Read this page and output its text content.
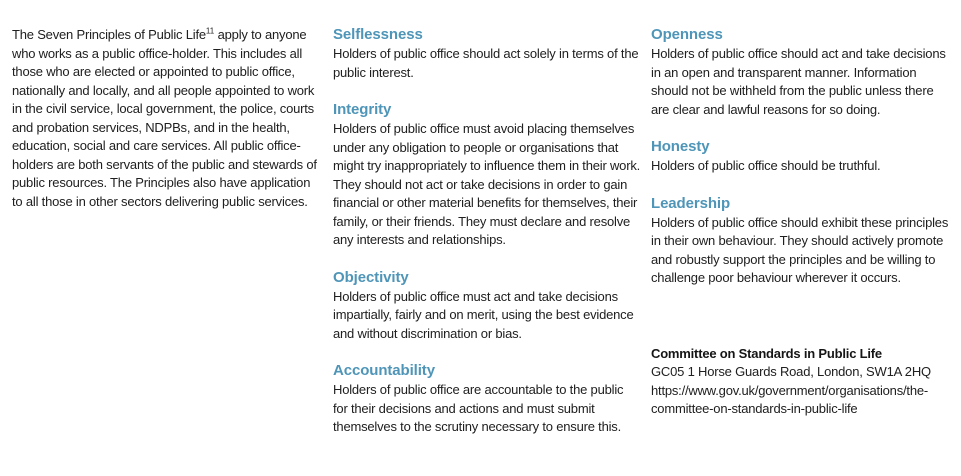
The Seven Principles of Public Life$^{11}$ apply to anyone who works as a public office-holder. This includes all those who are elected or appointed to public office, nationally and locally, and all people appointed to work in the civil service, local government, the police, courts and probation services, NDPBs, and in the health, education, social and care services. All public office-holders are both servants of the public and stewards of public resources. The Principles also have application to all those in other sectors delivering public services.

Selflessness

Holders of public office should act solely in terms of the public interest.

Integrity

Holders of public office must avoid placing themselves under any obligation to people or organisations that might try inappropriately to influence them in their work. They should not act or take decisions in order to gain financial or other material benefits for themselves, their family, or their friends. They must declare and resolve any interests and relationships.

Objectivity

Holders of public office must act and take decisions impartially, fairly and on merit, using the best evidence and without discrimination or bias.

Accountability

Holders of public office are accountable to the public for their decisions and actions and must submit themselves to the scrutiny necessary to ensure this.

Openness

Holders of public office should act and take decisions in an open and transparent manner. Information should not be withheld from the public unless there are clear and lawful reasons for so doing.

Honesty

Holders of public office should be truthful.

Leadership

Holders of public office should exhibit these principles in their own behaviour. They should actively promote and robustly support the principles and be willing to challenge poor behaviour wherever it occurs.

Committee on Standards in Public Life
GC05 1 Horse Guards Road, London, SW1A 2HQ
https://www.gov.uk/government/organisations/the-
committee-on-standards-in-public-life
